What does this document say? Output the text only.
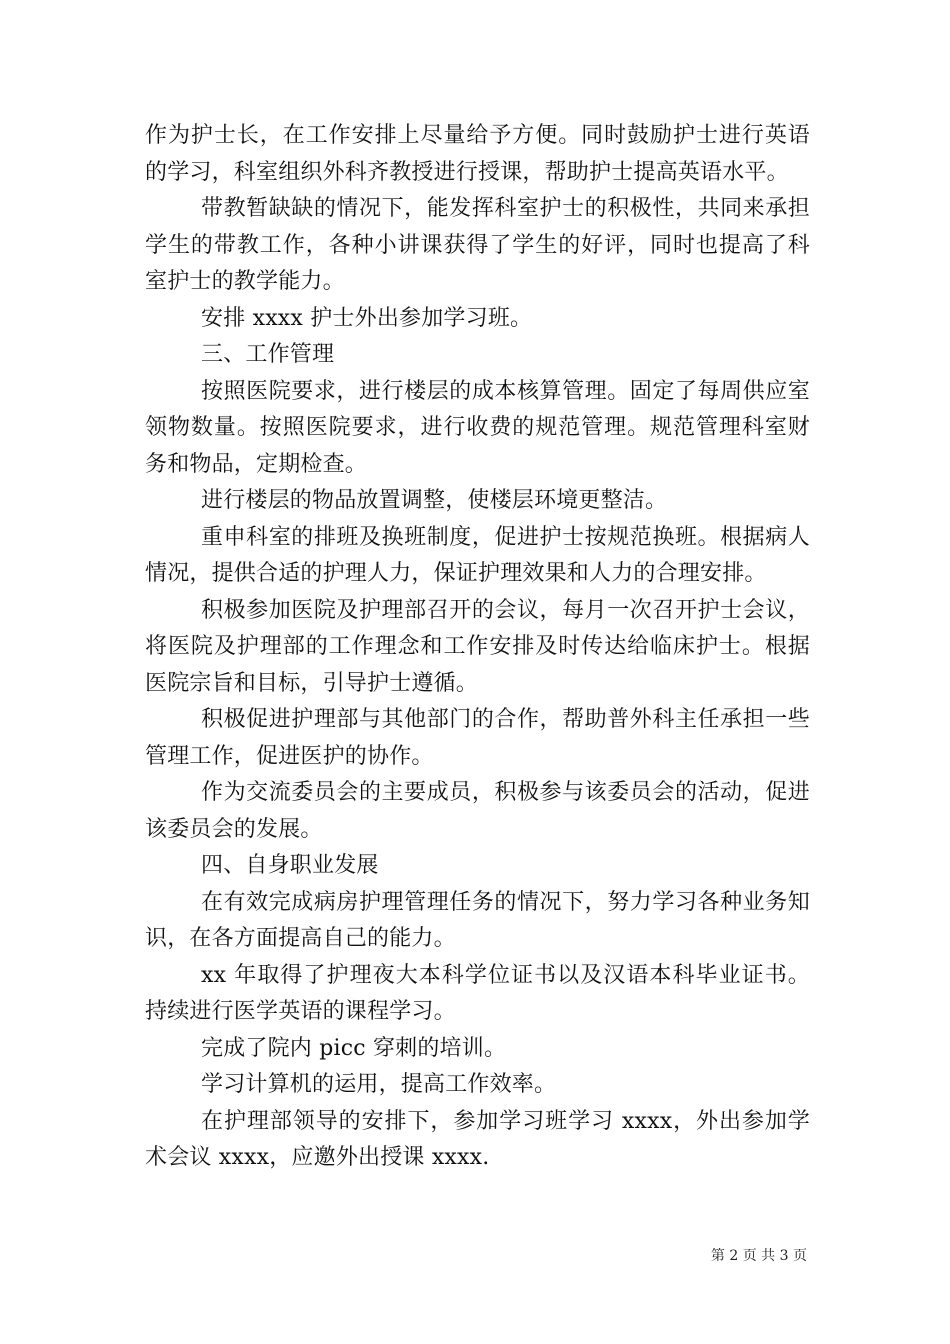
作为护士长，在工作安排上尽量给予方便。同时鼓励护士进行英语的学习，科室组织外科齐教授进行授课，帮助护士提高英语水平。

带教暂缺缺的情况下，能发挥科室护士的积极性，共同来承担学生的带教工作，各种小讲课获得了学生的好评，同时也提高了科室护士的教学能力。

安排 xxxx 护士外出参加学习班。

三、工作管理

按照医院要求，进行楼层的成本核算管理。固定了每周供应室领物数量。按照医院要求，进行收费的规范管理。规范管理科室财务和物品，定期检查。

进行楼层的物品放置调整，使楼层环境更整洁。

重申科室的排班及换班制度，促进护士按规范换班。根据病人情况，提供合适的护理人力，保证护理效果和人力的合理安排。

积极参加医院及护理部召开的会议，每月一次召开护士会议，将医院及护理部的工作理念和工作安排及时传达给临床护士。根据医院宗旨和目标，引导护士遵循。

积极促进护理部与其他部门的合作，帮助普外科主任承担一些管理工作，促进医护的协作。

作为交流委员会的主要成员，积极参与该委员会的活动，促进该委员会的发展。

四、自身职业发展

在有效完成病房护理管理任务的情况下，努力学习各种业务知识，在各方面提高自己的能力。

xx 年取得了护理夜大本科学位证书以及汉语本科毕业证书。持续进行医学英语的课程学习。

完成了院内 picc 穿刺的培训。

学习计算机的运用，提高工作效率。

在护理部领导的安排下，参加学习班学习 xxxx，外出参加学术会议 xxxx，应邀外出授课 xxxx.

第 2 页 共 3 页
